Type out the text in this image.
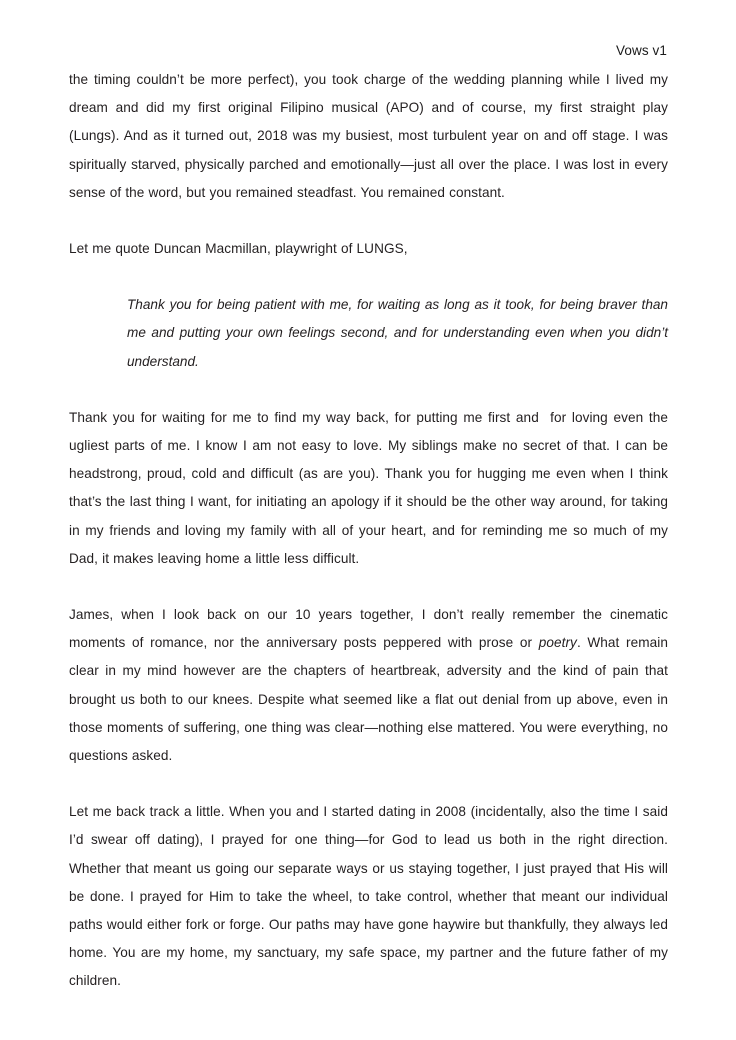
Vows v1

the timing couldn’t be more perfect), you took charge of the wedding planning while I lived my dream and did my first original Filipino musical (APO) and of course, my first straight play (Lungs). And as it turned out, 2018 was my busiest, most turbulent year on and off stage. I was spiritually starved, physically parched and emotionally—just all over the place. I was lost in every sense of the word, but you remained steadfast. You remained constant.

Let me quote Duncan Macmillan, playwright of LUNGS,

Thank you for being patient with me, for waiting as long as it took, for being braver than me and putting your own feelings second, and for understanding even when you didn’t understand.

Thank you for waiting for me to find my way back, for putting me first and  for loving even the ugliest parts of me. I know I am not easy to love. My siblings make no secret of that. I can be headstrong, proud, cold and difficult (as are you). Thank you for hugging me even when I think that’s the last thing I want, for initiating an apology if it should be the other way around, for taking in my friends and loving my family with all of your heart, and for reminding me so much of my Dad, it makes leaving home a little less difficult.

James, when I look back on our 10 years together, I don’t really remember the cinematic moments of romance, nor the anniversary posts peppered with prose or poetry. What remain clear in my mind however are the chapters of heartbreak, adversity and the kind of pain that brought us both to our knees. Despite what seemed like a flat out denial from up above, even in those moments of suffering, one thing was clear—nothing else mattered. You were everything, no questions asked.

Let me back track a little. When you and I started dating in 2008 (incidentally, also the time I said I’d swear off dating), I prayed for one thing—for God to lead us both in the right direction. Whether that meant us going our separate ways or us staying together, I just prayed that His will be done. I prayed for Him to take the wheel, to take control, whether that meant our individual paths would either fork or forge. Our paths may have gone haywire but thankfully, they always led home. You are my home, my sanctuary, my safe space, my partner and the future father of my children.
